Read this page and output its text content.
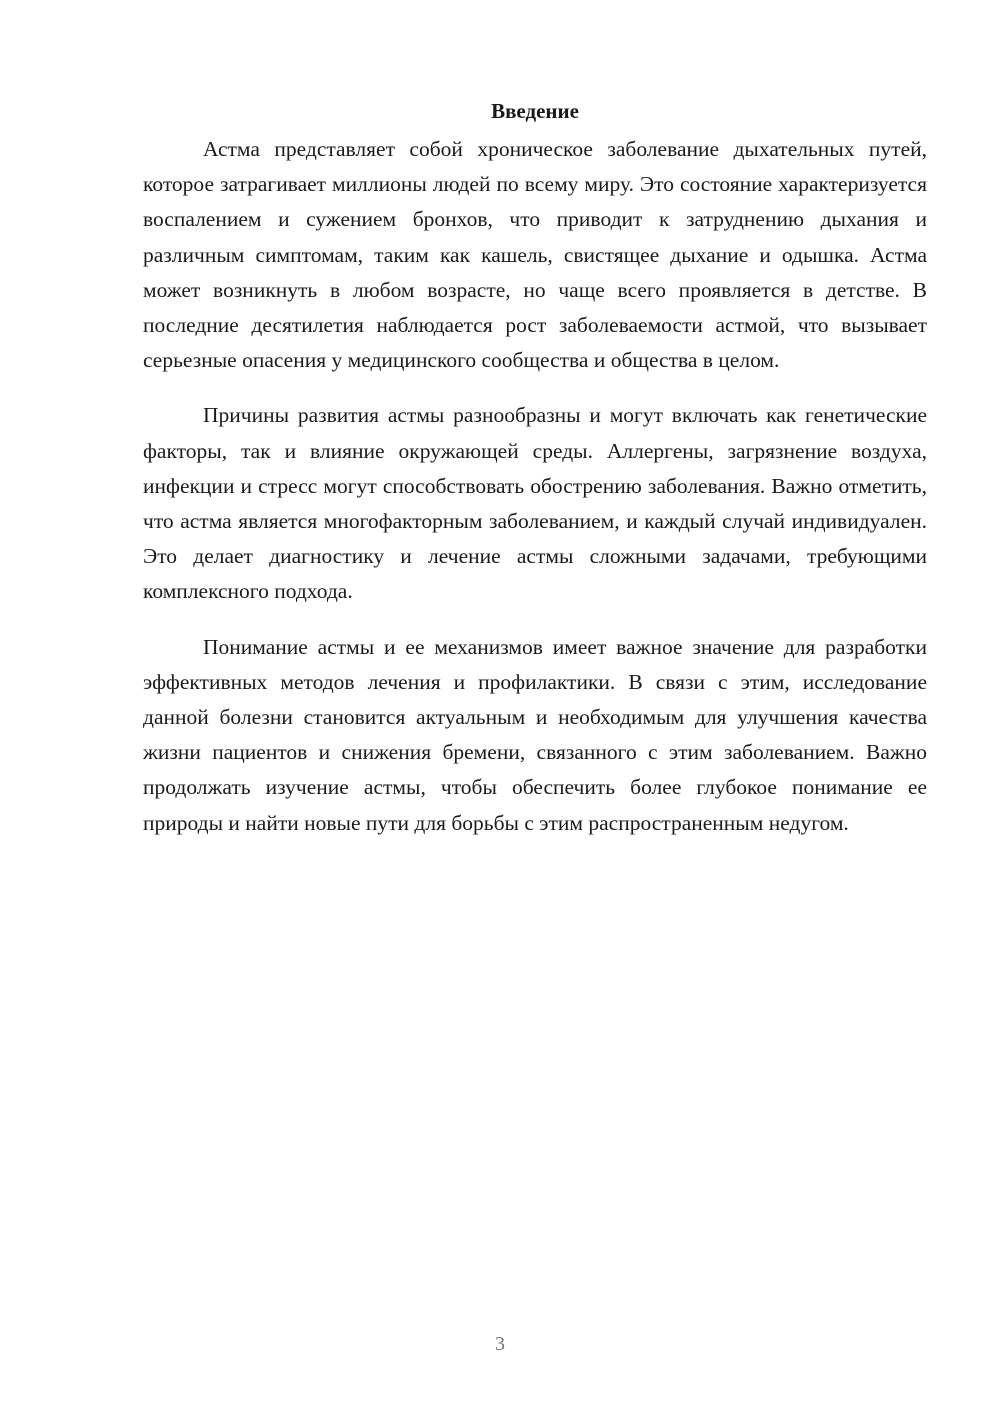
Введение

Астма представляет собой хроническое заболевание дыхательных путей, которое затрагивает миллионы людей по всему миру. Это состояние характеризуется воспалением и сужением бронхов, что приводит к затруднению дыхания и различным симптомам, таким как кашель, свистящее дыхание и одышка. Астма может возникнуть в любом возрасте, но чаще всего проявляется в детстве. В последние десятилетия наблюдается рост заболеваемости астмой, что вызывает серьезные опасения у медицинского сообщества и общества в целом.

Причины развития астмы разнообразны и могут включать как генетические факторы, так и влияние окружающей среды. Аллергены, загрязнение воздуха, инфекции и стресс могут способствовать обострению заболевания. Важно отметить, что астма является многофакторным заболеванием, и каждый случай индивидуален. Это делает диагностику и лечение астмы сложными задачами, требующими комплексного подхода.

Понимание астмы и ее механизмов имеет важное значение для разработки эффективных методов лечения и профилактики. В связи с этим, исследование данной болезни становится актуальным и необходимым для улучшения качества жизни пациентов и снижения бремени, связанного с этим заболеванием. Важно продолжать изучение астмы, чтобы обеспечить более глубокое понимание ее природы и найти новые пути для борьбы с этим распространенным недугом.

3
